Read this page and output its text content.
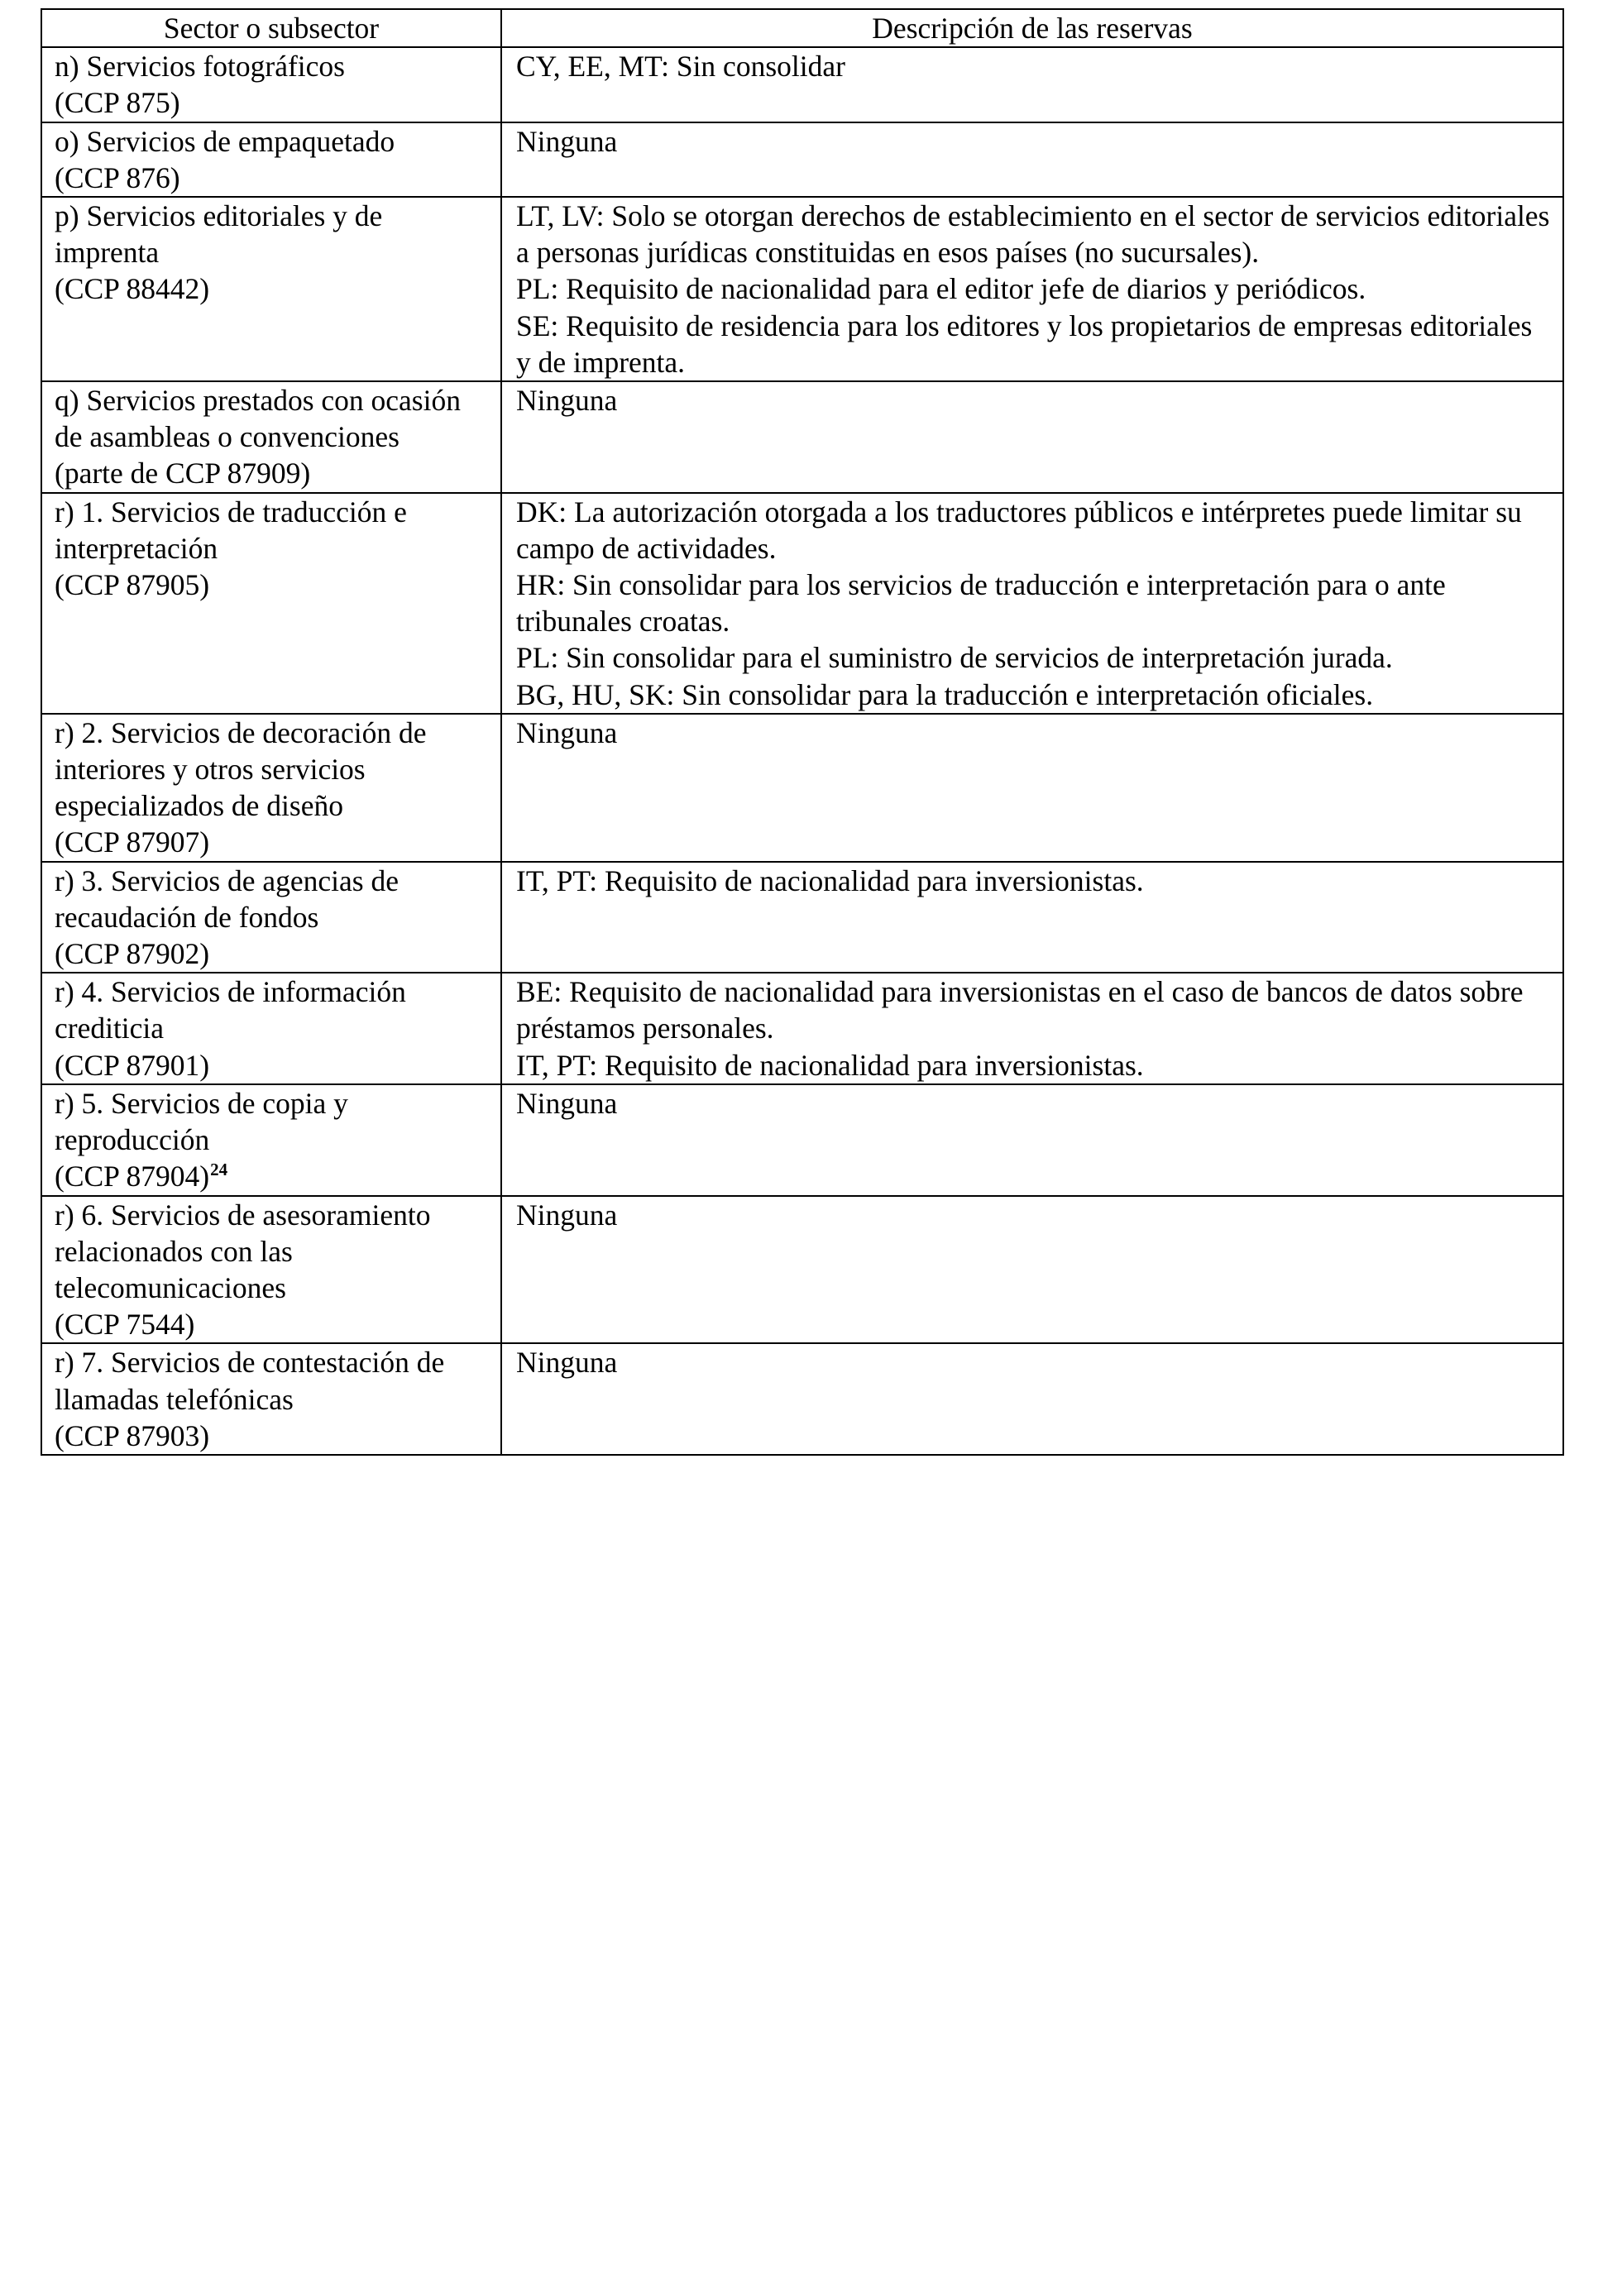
Sector o subsector	Descripción de las reservas

n) Servicios fotográficos
(CCP 875)	CY, EE, MT: Sin consolidar

o) Servicios de empaquetado
(CCP 876)	Ninguna

p) Servicios editoriales y de imprenta
(CCP 88442)	LT, LV: Solo se otorgan derechos de establecimiento en el sector de servicios editoriales a personas jurídicas constituidas en esos países (no sucursales).
PL: Requisito de nacionalidad para el editor jefe de diarios y periódicos.
SE: Requisito de residencia para los editores y los propietarios de empresas editoriales y de imprenta.

q) Servicios prestados con ocasión de asambleas o convenciones
(parte de CCP 87909)	Ninguna

r) 1. Servicios de traducción e interpretación
(CCP 87905)	DK: La autorización otorgada a los traductores públicos e intérpretes puede limitar su campo de actividades.
HR: Sin consolidar para los servicios de traducción e interpretación para o ante tribunales croatas.
PL: Sin consolidar para el suministro de servicios de interpretación jurada.
BG, HU, SK: Sin consolidar para la traducción e interpretación oficiales.

r) 2. Servicios de decoración de interiores y otros servicios especializados de diseño
(CCP 87907)	Ninguna

r) 3. Servicios de agencias de recaudación de fondos
(CCP 87902)	IT, PT: Requisito de nacionalidad para inversionistas.

r) 4. Servicios de información crediticia
(CCP 87901)	BE: Requisito de nacionalidad para inversionistas en el caso de bancos de datos sobre préstamos personales.
IT, PT: Requisito de nacionalidad para inversionistas.

r) 5. Servicios de copia y reproducción
(CCP 87904)$^{24}$	Ninguna

r) 6. Servicios de asesoramiento relacionados con las telecomunicaciones
(CCP 7544)	Ninguna

r) 7. Servicios de contestación de llamadas telefónicas
(CCP 87903)	Ninguna
